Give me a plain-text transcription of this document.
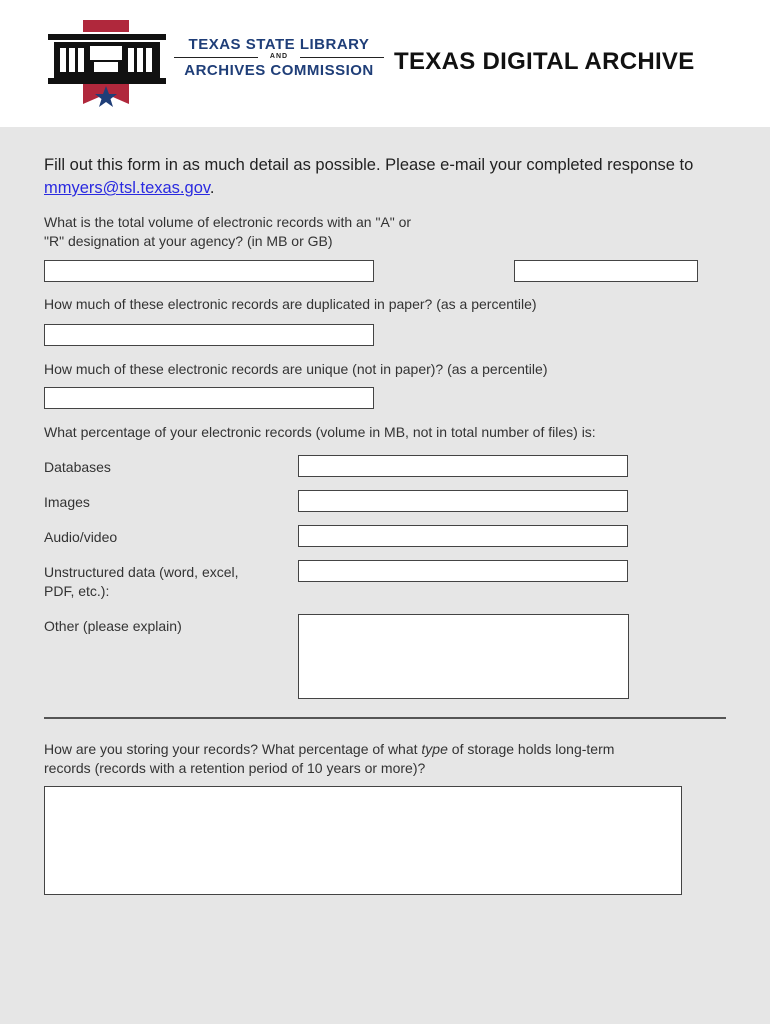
TEXAS STATE LIBRARY
AND
ARCHIVES COMMISSION TEXAS DIGITAL ARCHIVE
Fill out this form in as much detail as possible. Please e-mail your completed response to mmyers@tsl.texas.gov.
What is the total volume of electronic records with an "A" or
"R" designation at your agency? (in MB or GB)
How much of these electronic records are duplicated in paper? (as a percentile)
How much of these electronic records are unique (not in paper)? (as a percentile)
What percentage of your electronic records (volume in MB, not in total number of files) is:
Databases
Images
Audio/video
Unstructured data (word, excel,
PDF, etc.):
Other (please explain)
How are you storing your records? What percentage of what type of storage holds long-term
records (records with a retention period of 10 years or more)?
